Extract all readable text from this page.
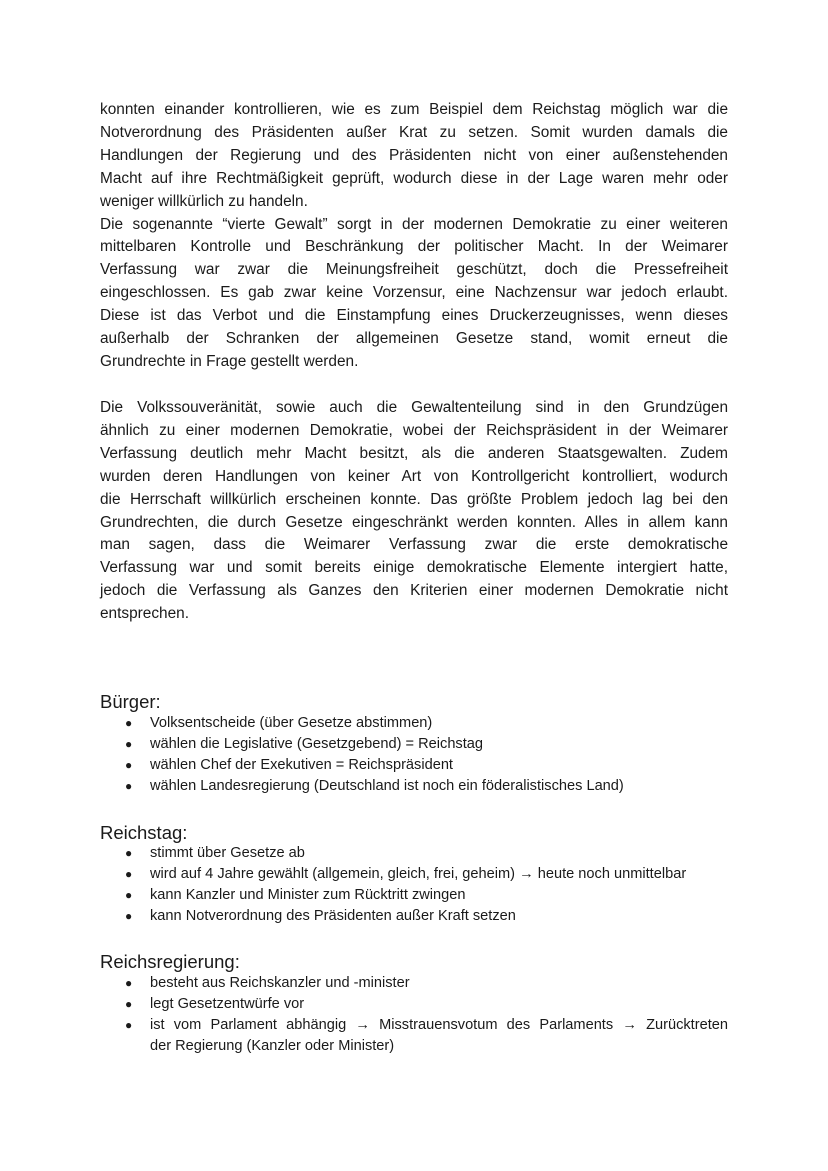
konnten einander kontrollieren, wie es zum Beispiel dem Reichstag möglich war die
Notverordnung des Präsidenten außer Krat zu setzen. Somit wurden damals die
Handlungen der Regierung und des Präsidenten nicht von einer außenstehenden
Macht auf ihre Rechtmäßigkeit geprüft, wodurch diese in der Lage waren mehr oder
weniger willkürlich zu handeln.
Die sogenannte “vierte Gewalt” sorgt in der modernen Demokratie zu einer weiteren
mittelbaren Kontrolle und Beschränkung der politischer Macht. In der Weimarer
Verfassung war zwar die Meinungsfreiheit geschützt, doch die Pressefreiheit
eingeschlossen. Es gab zwar keine Vorzensur, eine Nachzensur war jedoch erlaubt.
Diese ist das Verbot und die Einstampfung eines Druckerzeugnisses, wenn dieses
außerhalb der Schranken der allgemeinen Gesetze stand, womit erneut die
Grundrechte in Frage gestellt werden.
Die Volkssouveränität, sowie auch die Gewaltenteilung sind in den Grundzügen
ähnlich zu einer modernen Demokratie, wobei der Reichspräsident in der Weimarer
Verfassung deutlich mehr Macht besitzt, als die anderen Staatsgewalten. Zudem
wurden deren Handlungen von keiner Art von Kontrollgericht kontrolliert, wodurch
die Herrschaft willkürlich erscheinen konnte. Das größte Problem jedoch lag bei den
Grundrechten, die durch Gesetze eingeschränkt werden konnten. Alles in allem kann
man sagen, dass die Weimarer Verfassung zwar die erste demokratische
Verfassung war und somit bereits einige demokratische Elemente intergiert hatte,
jedoch die Verfassung als Ganzes den Kriterien einer modernen Demokratie nicht
entsprechen.
Bürger:
● Volksentscheide (über Gesetze abstimmen)
● wählen die Legislative (Gesetzgebend) = Reichstag
● wählen Chef der Exekutiven = Reichspräsident
● wählen Landesregierung (Deutschland ist noch ein föderalistisches Land)
Reichstag:
● stimmt über Gesetze ab
● wird auf 4 Jahre gewählt (allgemein, gleich, frei, geheim) → heute noch unmittelbar
● kann Kanzler und Minister zum Rücktritt zwingen
● kann Notverordnung des Präsidenten außer Kraft setzen
Reichsregierung:
● besteht aus Reichskanzler und -minister
● legt Gesetzentwürfe vor
● ist vom Parlament abhängig → Misstrauensvotum des Parlaments → Zurücktreten
der Regierung (Kanzler oder Minister)
